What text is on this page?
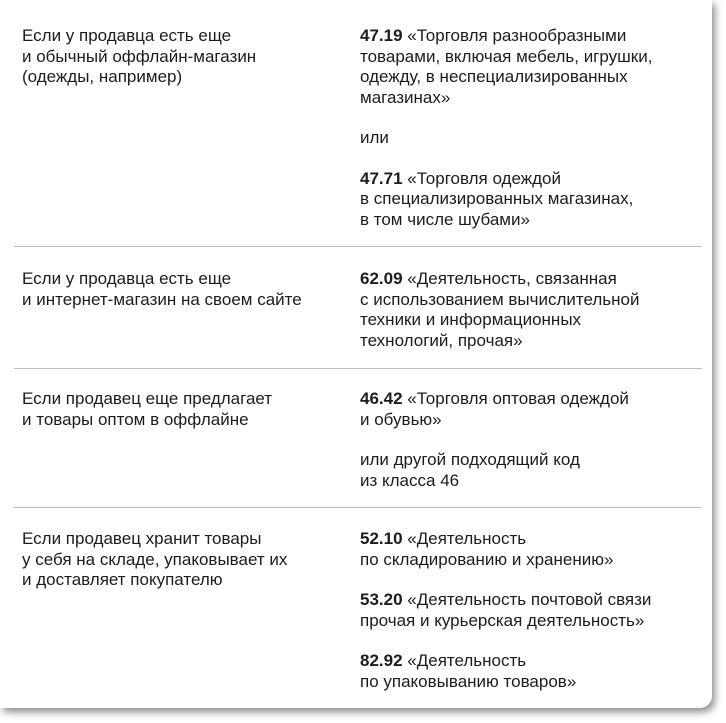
Если у продавца есть еще
и обычный оффлайн-магазин
(одежды, например)

47.19 «Торговля разнообразными
товарами, включая мебель, игрушки,
одежду, в неспециализированных
магазинах»

или

47.71 «Торговля одеждой
в специализированных магазинах,
в том числе шубами»

Если у продавца есть еще
и интернет-магазин на своем сайте

62.09 «Деятельность, связанная
с использованием вычислительной
техники и информационных
технологий, прочая»

Если продавец еще предлагает
и товары оптом в оффлайне

46.42 «Торговля оптовая одеждой
и обувью»

или другой подходящий код
из класса 46

Если продавец хранит товары
у себя на складе, упаковывает их
и доставляет покупателю

52.10 «Деятельность
по складированию и хранению»

53.20 «Деятельность почтовой связи
прочая и курьерская деятельность»

82.92 «Деятельность
по упаковыванию товаров»
